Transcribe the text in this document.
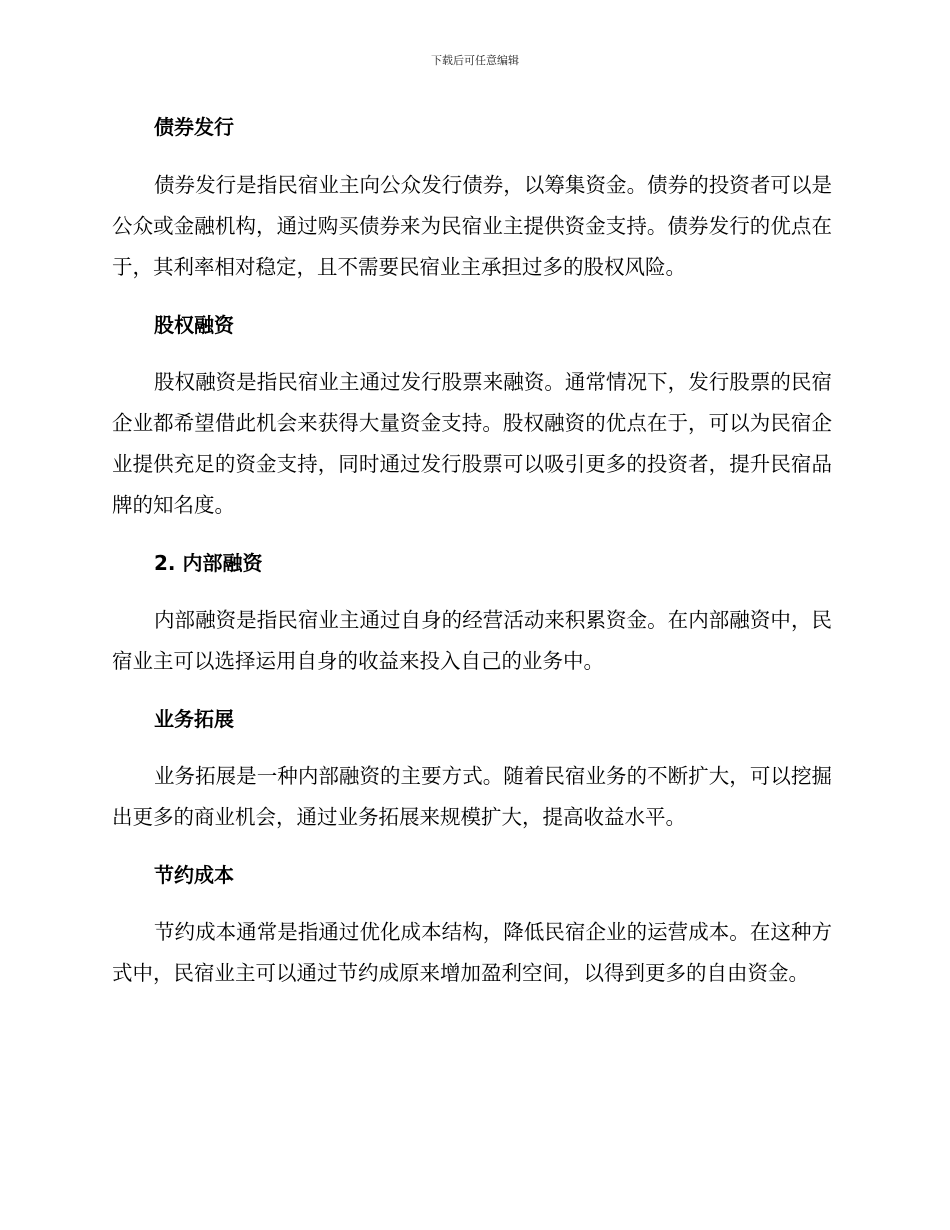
下载后可任意编辑
债券发行

债券发行是指民宿业主向公众发行债券，以筹集资金。债券的投资者可以是公众或金融机构，通过购买债券来为民宿业主提供资金支持。债券发行的优点在于，其利率相对稳定，且不需要民宿业主承担过多的股权风险。

股权融资

股权融资是指民宿业主通过发行股票来融资。通常情况下，发行股票的民宿企业都希望借此机会来获得大量资金支持。股权融资的优点在于，可以为民宿企业提供充足的资金支持，同时通过发行股票可以吸引更多的投资者，提升民宿品牌的知名度。

2. 内部融资

内部融资是指民宿业主通过自身的经营活动来积累资金。在内部融资中，民宿业主可以选择运用自身的收益来投入自己的业务中。

业务拓展

业务拓展是一种内部融资的主要方式。随着民宿业务的不断扩大，可以挖掘出更多的商业机会，通过业务拓展来规模扩大，提高收益水平。

节约成本

节约成本通常是指通过优化成本结构，降低民宿企业的运营成本。在这种方式中，民宿业主可以通过节约成原来增加盈利空间，以得到更多的自由资金。
